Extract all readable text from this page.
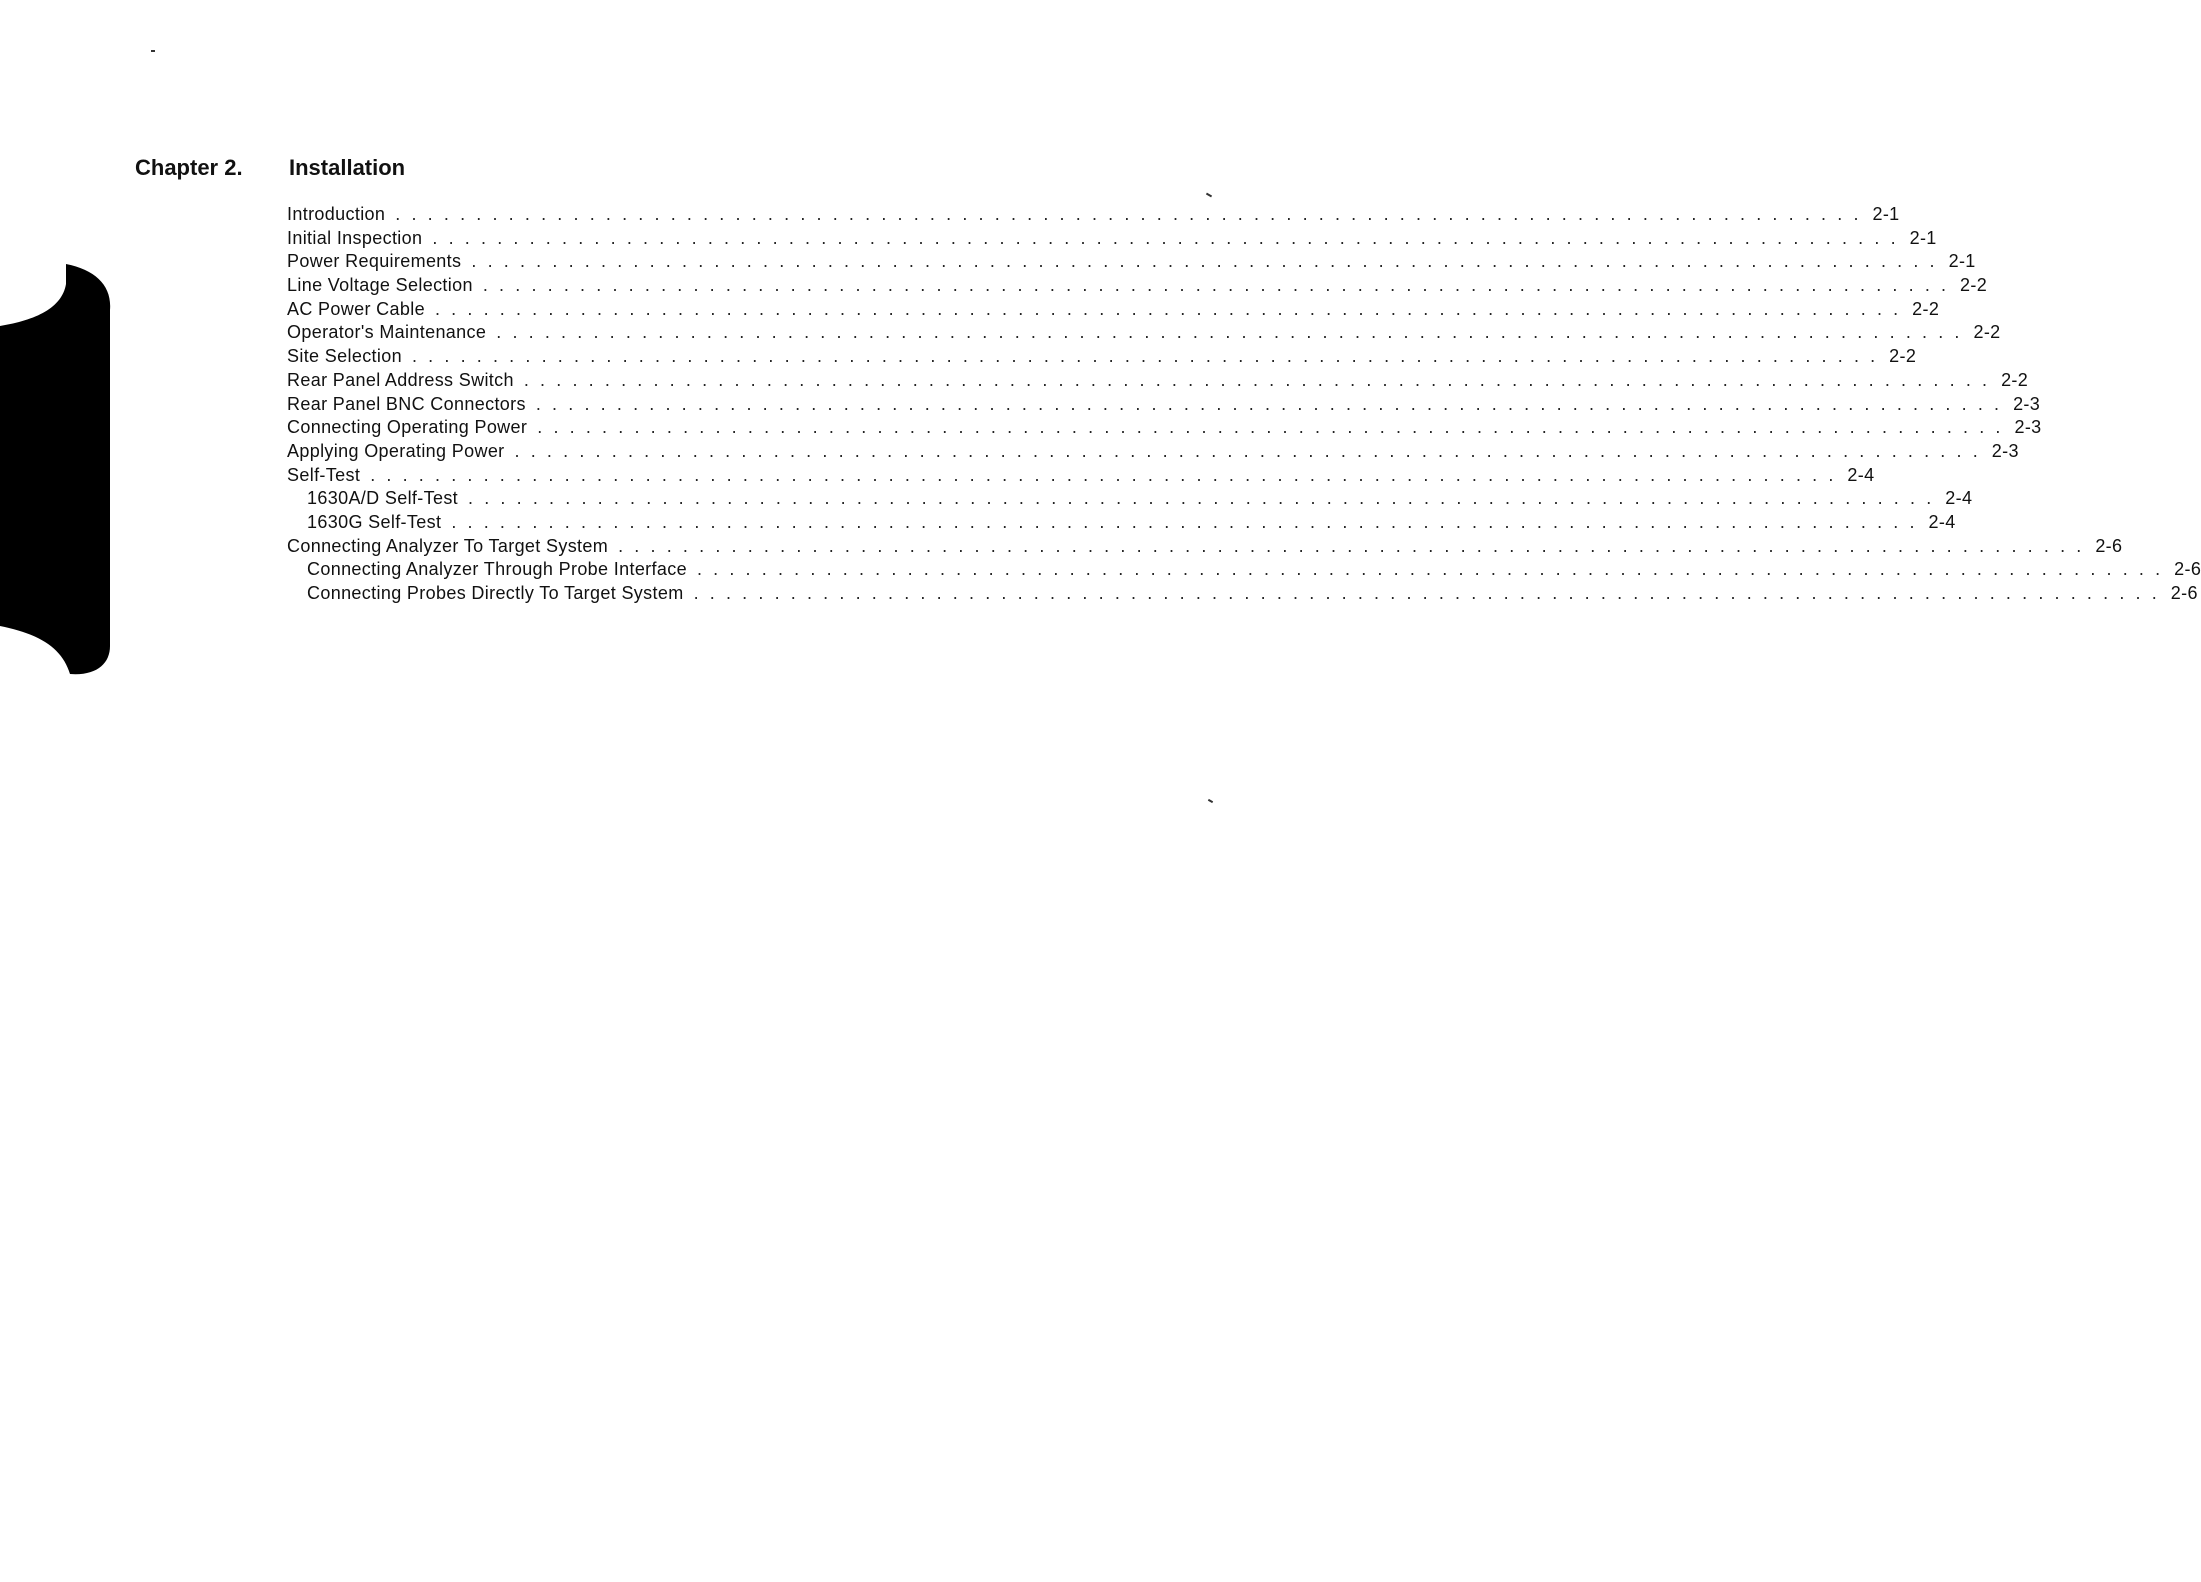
Chapter 2. Installation
Introduction . . . . . . . . . . . . . . . . . . . . . . . . . . . . . . . . . . . . . . . . . . . . . . . . . . . . . . . . . . . . . . . . . . . . . . . . . . . . . . . . . . . . . . . . . . . 2-1
Initial Inspection . . . . . . . . . . . . . . . . . . . . . . . . . . . . . . . . . . . . . . . . . . . . . . . . . . . . . . . . . . . . . . . . . . . . . . . . . . . . . . . . . . . . . . . . . . . 2-1
Power Requirements . . . . . . . . . . . . . . . . . . . . . . . . . . . . . . . . . . . . . . . . . . . . . . . . . . . . . . . . . . . . . . . . . . . . . . . . . . . . . . . . . . . . . . . . . . . 2-1
Line Voltage Selection . . . . . . . . . . . . . . . . . . . . . . . . . . . . . . . . . . . . . . . . . . . . . . . . . . . . . . . . . . . . . . . . . . . . . . . . . . . . . . . . . . . . . . . . . . . 2-2
AC Power Cable . . . . . . . . . . . . . . . . . . . . . . . . . . . . . . . . . . . . . . . . . . . . . . . . . . . . . . . . . . . . . . . . . . . . . . . . . . . . . . . . . . . . . . . . . . . 2-2
Operator's Maintenance . . . . . . . . . . . . . . . . . . . . . . . . . . . . . . . . . . . . . . . . . . . . . . . . . . . . . . . . . . . . . . . . . . . . . . . . . . . . . . . . . . . . . . . . . . . 2-2
Site Selection . . . . . . . . . . . . . . . . . . . . . . . . . . . . . . . . . . . . . . . . . . . . . . . . . . . . . . . . . . . . . . . . . . . . . . . . . . . . . . . . . . . . . . . . . . . 2-2
Rear Panel Address Switch . . . . . . . . . . . . . . . . . . . . . . . . . . . . . . . . . . . . . . . . . . . . . . . . . . . . . . . . . . . . . . . . . . . . . . . . . . . . . . . . . . . . . . . . . . . 2-2
Rear Panel BNC Connectors . . . . . . . . . . . . . . . . . . . . . . . . . . . . . . . . . . . . . . . . . . . . . . . . . . . . . . . . . . . . . . . . . . . . . . . . . . . . . . . . . . . . . . . . . . . 2-3
Connecting Operating Power . . . . . . . . . . . . . . . . . . . . . . . . . . . . . . . . . . . . . . . . . . . . . . . . . . . . . . . . . . . . . . . . . . . . . . . . . . . . . . . . . . . . . . . . . . . 2-3
Applying Operating Power . . . . . . . . . . . . . . . . . . . . . . . . . . . . . . . . . . . . . . . . . . . . . . . . . . . . . . . . . . . . . . . . . . . . . . . . . . . . . . . . . . . . . . . . . . . 2-3
Self-Test . . . . . . . . . . . . . . . . . . . . . . . . . . . . . . . . . . . . . . . . . . . . . . . . . . . . . . . . . . . . . . . . . . . . . . . . . . . . . . . . . . . . . . . . . . . 2-4
1630A/D Self-Test . . . . . . . . . . . . . . . . . . . . . . . . . . . . . . . . . . . . . . . . . . . . . . . . . . . . . . . . . . . . . . . . . . . . . . . . . . . . . . . . . . . . . . . . . . . 2-4
1630G Self-Test . . . . . . . . . . . . . . . . . . . . . . . . . . . . . . . . . . . . . . . . . . . . . . . . . . . . . . . . . . . . . . . . . . . . . . . . . . . . . . . . . . . . . . . . . . . 2-4
Connecting Analyzer To Target System . . . . . . . . . . . . . . . . . . . . . . . . . . . . . . . . . . . . . . . . . . . . . . . . . . . . . . . . . . . . . . . . . . . . . . . . . . . . . . . . . . . . . . . . . . . 2-6
Connecting Analyzer Through Probe Interface . . . . . . . . . . . . . . . . . . . . . . . . . . . . . . . . . . . . . . . . . . . . . . . . . . . . . . . . . . . . . . . . . . . . . . . . . . . . . . . . . . . . . . . . . . . 2-6
Connecting Probes Directly To Target System . . . . . . . . . . . . . . . . . . . . . . . . . . . . . . . . . . . . . . . . . . . . . . . . . . . . . . . . . . . . . . . . . . . . . . . . . . . . . . . . . . . . . . . . . . . 2-6
